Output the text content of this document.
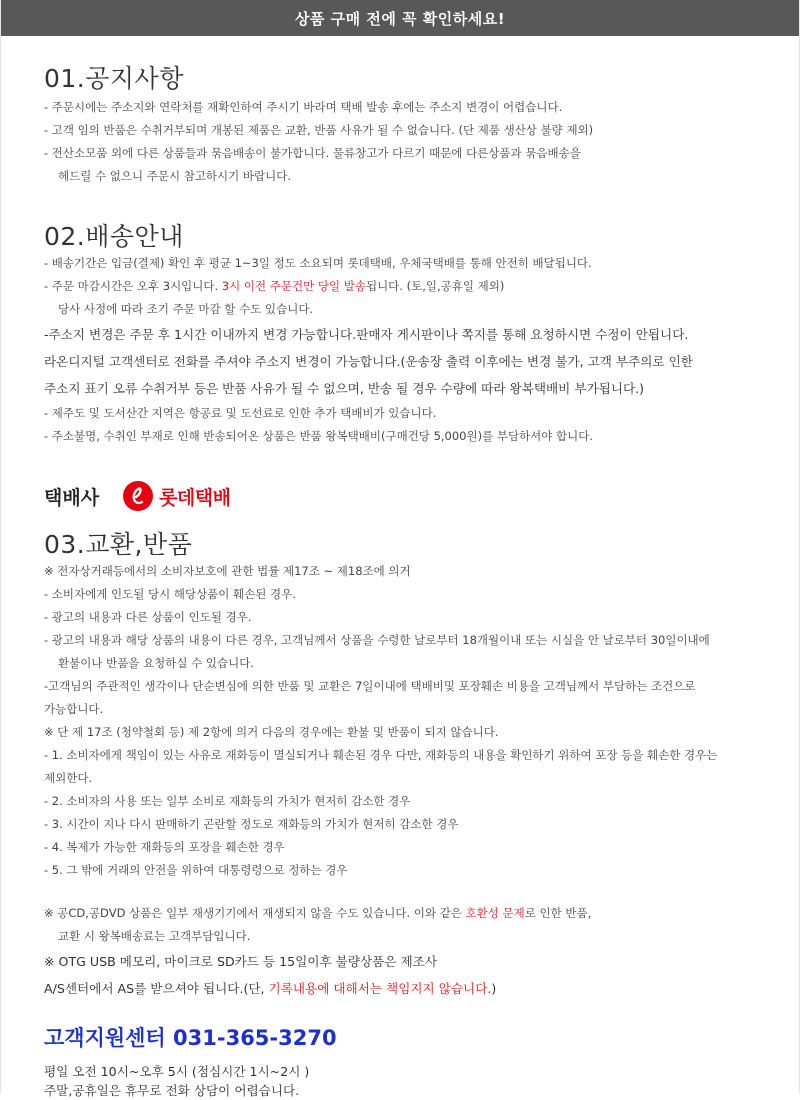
상품 구매 전에 꼭 확인하세요!
01.공지사항

- 주문시에는 주소지와 연락처를 재확인하여 주시기 바라며 택배 발송 후에는 주소지 변경이 어렵습니다.

- 고객 임의 반품은 수취거부되며 개봉된 제품은 교환, 반품 사유가 될 수 없습니다. (단 제품 생산상 불량 제외)

- 전산소모품 외에 다른 상품들과 묶음배송이 불가합니다. 물류창고가 다르기 때문에 다른상품과 묶음배송을

헤드릴 수 없으니 주문시 참고하시기 바랍니다.

02.배송안내

- 배송기간은 입금(결제) 확인 후 평균 1~3일 정도 소요되며 롯데택배, 우체국택배를 통해 안전히 배달됩니다.

- 주문 마감시간은 오후 3시입니다. 3시 이전 주문건만 당일 발송됩니다. (토,일,공휴일 제외)

당사 사정에 따라 조기 주문 마감 할 수도 있습니다.

-주소지 변경은 주문 후 1시간 이내까지 변경 가능합니다.판매자 게시판이나 쪽지를 통해 요청하시면 수정이 안됩니다.

라온디지털 고객센터로 전화를 주셔야 주소지 변경이 가능합니다.(운송장 출력 이후에는 변경 불가, 고객 부주의로 인한

주소지 표기 오류 수취거부 등은 반품 사유가 될 수 없으며, 반송 될 경우 수량에 따라 왕복택배비 부가됩니다.)

- 제주도 및 도서산간 지역은 항공료 및 도선료로 인한 추가 택배비가 있습니다.

- 주소불명, 수취인 부재로 인해 반송되어온 상품은 반품 왕복택배비(구매건당 5,000원)를 부담하셔야 합니다.

택배사	롯데택배
03.교환,반품

※ 전자상거래등에서의 소비자보호에 관한 법률 제17조 ~ 제18조에 의거

- 소비자에게 인도될 당시 해당상품이 훼손된 경우.

- 광고의 내용과 다른 상품이 인도될 경우.

- 광고의 내용과 해당 상품의 내용이 다른 경우, 고객님께서 상품을 수령한 날로부터 18개월이내 또는 시실을 안 날로부터 30일이내에

환불이나 반품을 요청하실 수 있습니다.

-고객님의 주관적인 생각이나 단순변심에 의한 반품 및 교환은 7일이내에 택배비및 포장훼손 비용을 고객님께서 부담하는 조건으로

가능합니다.

※ 단 제 17조 (청약철회 등) 제 2항에 의거 다음의 경우에는 환불 및 반품이 되지 않습니다.

- 1. 소비자에게 책임이 있는 사유로 재화등이 멸실되거나 훼손된 경우 다만, 재화등의 내용을 확인하기 위하여 포장 등을 훼손한 경우는

제외한다.

- 2. 소비자의 사용 또는 일부 소비로 재화등의 가치가 현저히 감소한 경우

- 3. 시간이 지나 다시 판매하기 곤란할 정도로 재화등의 가치가 현저히 감소한 경우

- 4. 복제가 가능한 재화등의 포장을 훼손한 경우

- 5. 그 밖에 거래의 안전을 위하여 대통령령으로 정하는 경우

※ 공CD,공DVD 상품은 일부 재생기기에서 재생되지 않을 수도 있습니다. 이와 같은 호환성 문제로 인한 반품,

교환 시 왕복배송료는 고객부담입니다.

※ OTG USB 메모리, 마이크로 SD카드 등 15일이후 불량상품은 제조사

A/S센터에서 AS를 받으셔야 됩니다.(단, 기록내용에 대해서는 책임지지 않습니다.)

고객지원센터 031-365-3270

평일 오전 10시~오후 5시 (점심시간 1시~2시 )

주말,공휴일은 휴무로 전화 상담이 어렵습니다.
